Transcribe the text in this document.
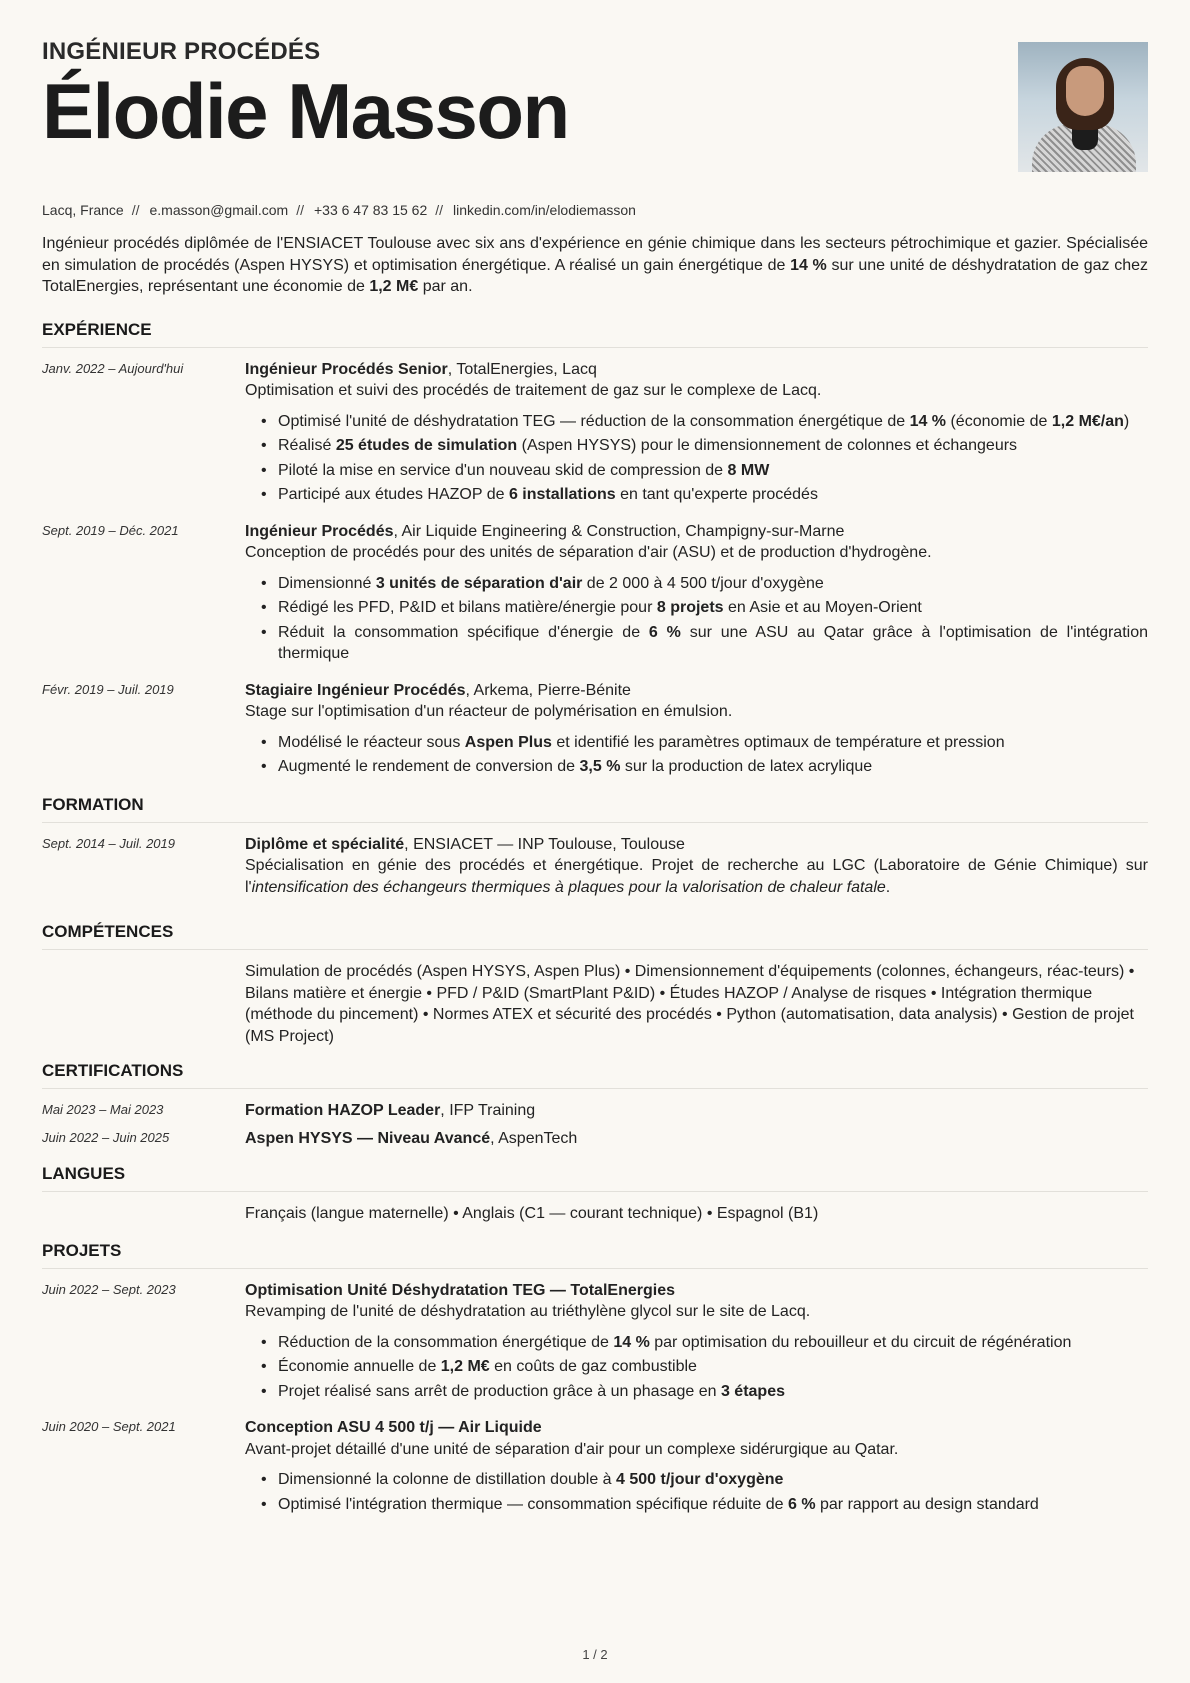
INGÉNIEUR PROCÉDÉS
Élodie Masson
Lacq, France // e.masson@gmail.com // +33 6 47 83 15 62 // linkedin.com/in/elodiemasson

Ingénieur procédés diplômée de l'ENSIACET Toulouse avec six ans d'expérience en génie chimique dans les secteurs pétrochimique et gazier. Spécialisée en simulation de procédés (Aspen HYSYS) et optimisation énergétique. A réalisé un gain énergétique de 14 % sur une unité de déshydratation de gaz chez TotalEnergies, représentant une économie de 1,2 M€ par an.

EXPÉRIENCE
Janv. 2022 – Aujourd'hui	Ingénieur Procédés Senior, TotalEnergies, Lacq
Optimisation et suivi des procédés de traitement de gaz sur le complexe de Lacq.
• Optimisé l'unité de déshydratation TEG — réduction de la consommation énergétique de 14 % (économie de 1,2 M€/an)
• Réalisé 25 études de simulation (Aspen HYSYS) pour le dimensionnement de colonnes et échangeurs
• Piloté la mise en service d'un nouveau skid de compression de 8 MW
• Participé aux études HAZOP de 6 installations en tant qu'experte procédés
Sept. 2019 – Déc. 2021	Ingénieur Procédés, Air Liquide Engineering & Construction, Champigny-sur-Marne
Conception de procédés pour des unités de séparation d'air (ASU) et de production d'hydrogène.
• Dimensionné 3 unités de séparation d'air de 2 000 à 4 500 t/jour d'oxygène
• Rédigé les PFD, P&ID et bilans matière/énergie pour 8 projets en Asie et au Moyen-Orient
• Réduit la consommation spécifique d'énergie de 6 % sur une ASU au Qatar grâce à l'optimisation de l'intégration thermique
Févr. 2019 – Juil. 2019	Stagiaire Ingénieur Procédés, Arkema, Pierre-Bénite
Stage sur l'optimisation d'un réacteur de polymérisation en émulsion.
• Modélisé le réacteur sous Aspen Plus et identifié les paramètres optimaux de température et pression
• Augmenté le rendement de conversion de 3,5 % sur la production de latex acrylique
FORMATION
Sept. 2014 – Juil. 2019	Diplôme et spécialité, ENSIACET — INP Toulouse, Toulouse
Spécialisation en génie des procédés et énergétique. Projet de recherche au LGC (Laboratoire de Génie Chimique) sur l'intensification des échangeurs thermiques à plaques pour la valorisation de chaleur fatale.
COMPÉTENCES
Simulation de procédés (Aspen HYSYS, Aspen Plus) • Dimensionnement d'équipements (colonnes, échangeurs, réac-teurs) • Bilans matière et énergie • PFD / P&ID (SmartPlant P&ID) • Études HAZOP / Analyse de risques • Intégration thermique (méthode du pincement) • Normes ATEX et sécurité des procédés • Python (automatisation, data analysis) • Gestion de projet (MS Project)
CERTIFICATIONS
Mai 2023 – Mai 2023	Formation HAZOP Leader, IFP Training
Juin 2022 – Juin 2025	Aspen HYSYS — Niveau Avancé, AspenTech
LANGUES
Français (langue maternelle) • Anglais (C1 — courant technique) • Espagnol (B1)
PROJETS
Juin 2022 – Sept. 2023	Optimisation Unité Déshydratation TEG — TotalEnergies
Revamping de l'unité de déshydratation au triéthylène glycol sur le site de Lacq.
• Réduction de la consommation énergétique de 14 % par optimisation du rebouilleur et du circuit de régénération
• Économie annuelle de 1,2 M€ en coûts de gaz combustible
• Projet réalisé sans arrêt de production grâce à un phasage en 3 étapes
Juin 2020 – Sept. 2021	Conception ASU 4 500 t/j — Air Liquide
Avant-projet détaillé d'une unité de séparation d'air pour un complexe sidérurgique au Qatar.
• Dimensionné la colonne de distillation double à 4 500 t/jour d'oxygène
• Optimisé l'intégration thermique — consommation spécifique réduite de 6 % par rapport au design standard
1 / 2
